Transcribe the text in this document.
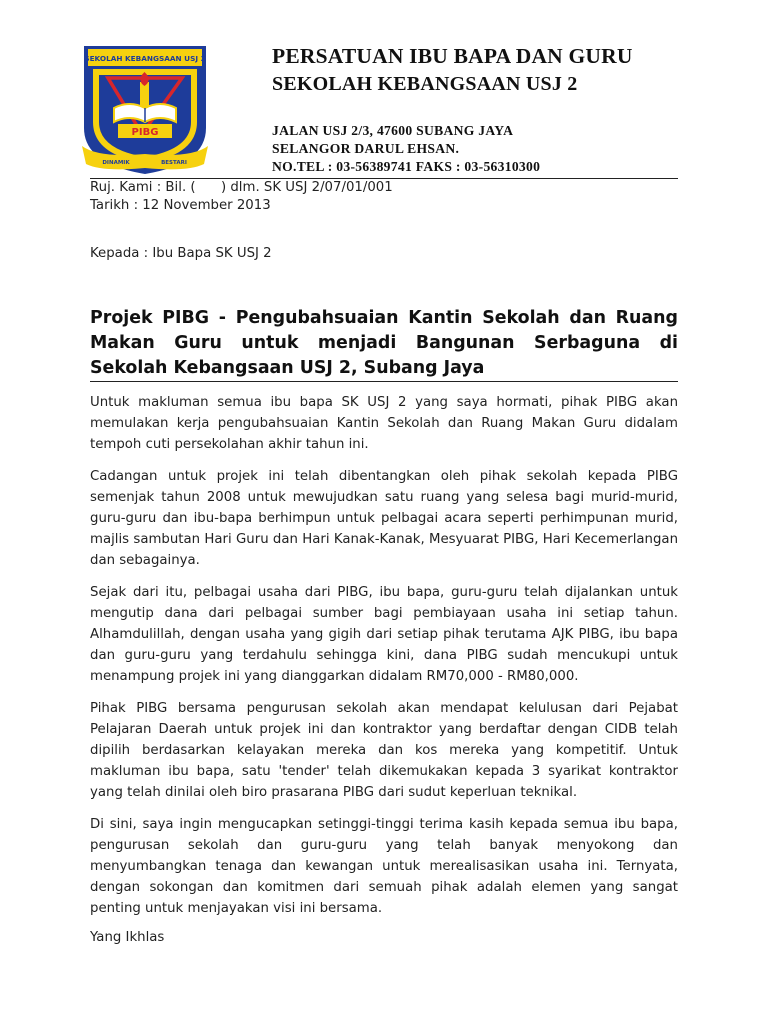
SEKOLAH KEBANGSAAN USJ 2
PIBG
DINAMIK	BESTARI
PERSATUAN IBU BAPA DAN GURU
SEKOLAH KEBANGSAAN USJ 2
JALAN USJ 2/3, 47600 SUBANG JAYA
SELANGOR DARUL EHSAN.
NO.TEL : 03-56389741 FAKS : 03-56310300
Ruj. Kami : Bil. (      ) dlm. SK USJ 2/07/01/001
Tarikh : 12 November 2013
Kepada : Ibu Bapa SK USJ 2
Projek PIBG - Pengubahsuaian Kantin Sekolah dan Ruang Makan Guru untuk menjadi Bangunan Serbaguna di Sekolah Kebangsaan USJ 2, Subang Jaya

Untuk makluman semua ibu bapa SK USJ 2 yang saya hormati, pihak PIBG akan memulakan kerja pengubahsuaian Kantin Sekolah dan Ruang Makan Guru didalam tempoh cuti persekolahan akhir tahun ini.

Cadangan untuk projek ini telah dibentangkan oleh pihak sekolah kepada PIBG semenjak tahun 2008 untuk mewujudkan satu ruang yang selesa bagi murid-murid, guru-guru dan ibu-bapa berhimpun untuk pelbagai acara seperti perhimpunan murid, majlis sambutan Hari Guru dan Hari Kanak-Kanak, Mesyuarat PIBG, Hari Kecemerlangan dan sebagainya.

Sejak dari itu, pelbagai usaha dari PIBG, ibu bapa, guru-guru telah dijalankan untuk mengutip dana dari pelbagai sumber bagi pembiayaan usaha ini setiap tahun. Alhamdulillah, dengan usaha yang gigih dari setiap pihak terutama AJK PIBG, ibu bapa dan guru-guru yang terdahulu sehingga kini, dana PIBG sudah mencukupi untuk menampung projek ini yang dianggarkan didalam RM70,000 - RM80,000.

Pihak PIBG bersama pengurusan sekolah akan mendapat kelulusan dari Pejabat Pelajaran Daerah untuk projek ini dan kontraktor yang berdaftar dengan CIDB telah dipilih berdasarkan kelayakan mereka dan kos mereka yang kompetitif. Untuk makluman ibu bapa, satu 'tender' telah dikemukakan kepada 3 syarikat kontraktor yang telah dinilai oleh biro prasarana PIBG dari sudut keperluan teknikal.

Di sini, saya ingin mengucapkan setinggi-tinggi terima kasih kepada semua ibu bapa, pengurusan sekolah dan guru-guru yang telah banyak menyokong dan menyumbangkan tenaga dan kewangan untuk merealisasikan usaha ini. Ternyata, dengan sokongan dan komitmen dari semuah pihak adalah elemen yang sangat penting untuk menjayakan visi ini bersama.

Yang Ikhlas
